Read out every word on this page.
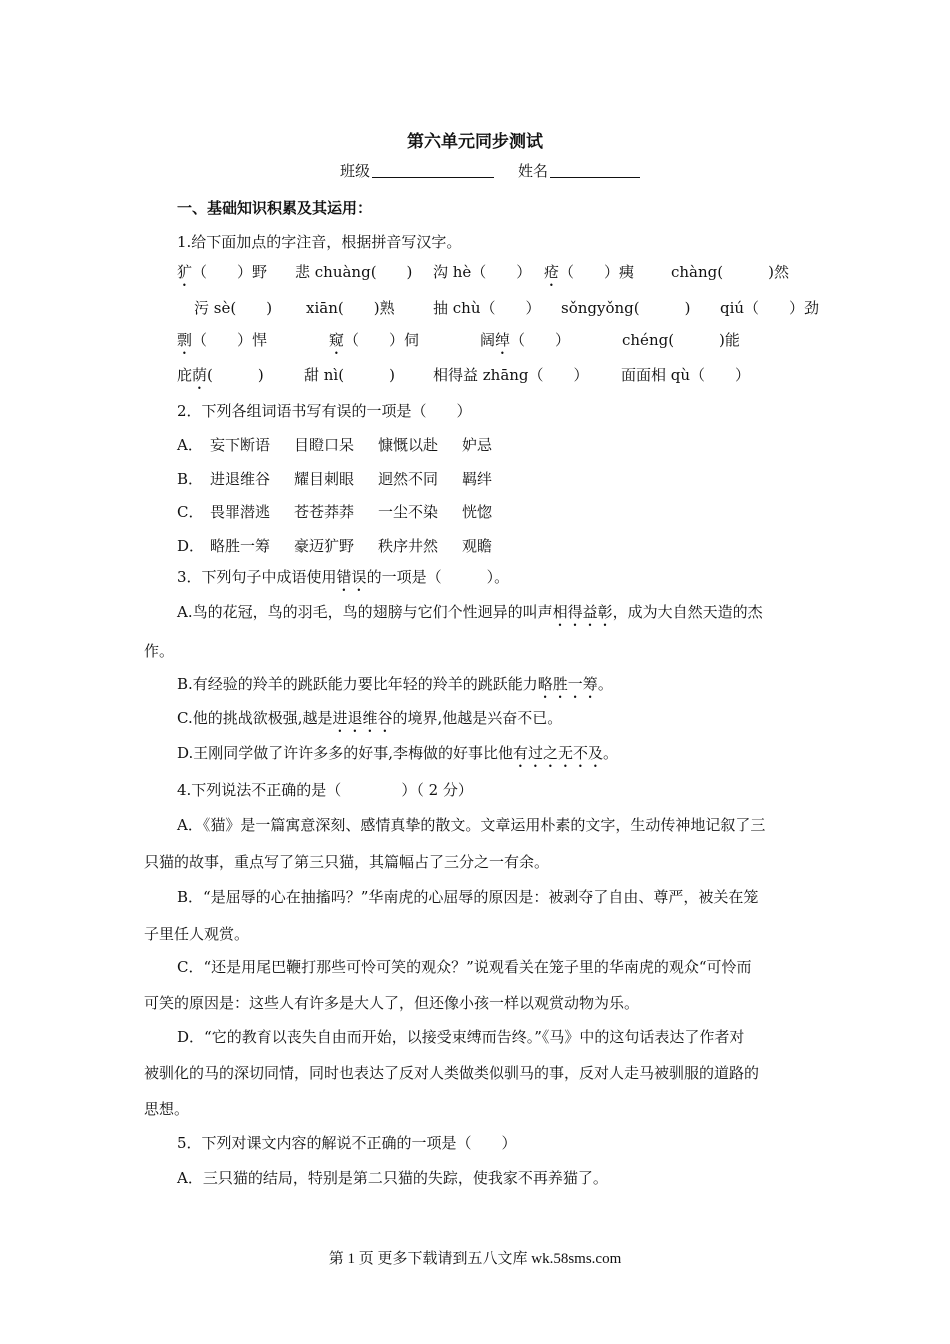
第六单元同步测试
班级	姓名
一、基础知识积累及其运用：
1.给下面加点的字注音，根据拼音写汉字。
犷（　　）野 悲 chuàng(　　) 沟 hè（　　） 疮（　　）痍 chàng(　　　)然
污 sè(　　) xiān(　　)熟	抽 chù（　　） sǒngyǒng(　　　) qiú（　　）劲
剽（　　）悍	窥（　　）伺	阔绰（　　）	chéng(　　　)能
庇荫(　　　)	甜 nì(　　　)	相得益 zhāng（　　） 面面相 qù（　　）
2．下列各组词语书写有误的一项是（　　）
A． 妄下断语 目瞪口呆 慷慨以赴 妒忌
B． 进退维谷 耀目刺眼 迥然不同 羁绊
C． 畏罪潜逃 苍苍莽莽 一尘不染 恍惚
D． 略胜一筹 豪迈犷野 秩序井然 观瞻
3．下列句子中成语使用错误的一项是（　　　）。
A.鸟的花冠，鸟的羽毛，鸟的翅膀与它们个性迥异的叫声相得益彰，成为大自然天造的杰
作。
B.有经验的羚羊的跳跃能力要比年轻的羚羊的跳跃能力略胜一筹。
C.他的挑战欲极强,越是进退维谷的境界,他越是兴奋不已。
D.王刚同学做了许许多多的好事,李梅做的好事比他有过之无不及。
4.下列说法不正确的是（　　　　）（ 2 分）
A．《猫》是一篇寓意深刻、感情真挚的散文。文章运用朴素的文字，生动传神地记叙了三
只猫的故事，重点写了第三只猫，其篇幅占了三分之一有余。
B．“是屈辱的心在抽搐吗？”华南虎的心屈辱的原因是：被剥夺了自由、尊严，被关在笼
子里任人观赏。
C．“还是用尾巴鞭打那些可怜可笑的观众？”说观看关在笼子里的华南虎的观众“可怜而
可笑的原因是：这些人有许多是大人了，但还像小孩一样以观赏动物为乐。
D．“它的教育以丧失自由而开始，以接受束缚而告终。”《马》中的这句话表达了作者对
被驯化的马的深切同情，同时也表达了反对人类做类似驯马的事，反对人走马被驯服的道路的
思想。
5．下列对课文内容的解说不正确的一项是（　　）
A．三只猫的结局，特别是第二只猫的失踪，使我家不再养猫了。
第 1 页 更多下载请到五八文库 wk.58sms.com
